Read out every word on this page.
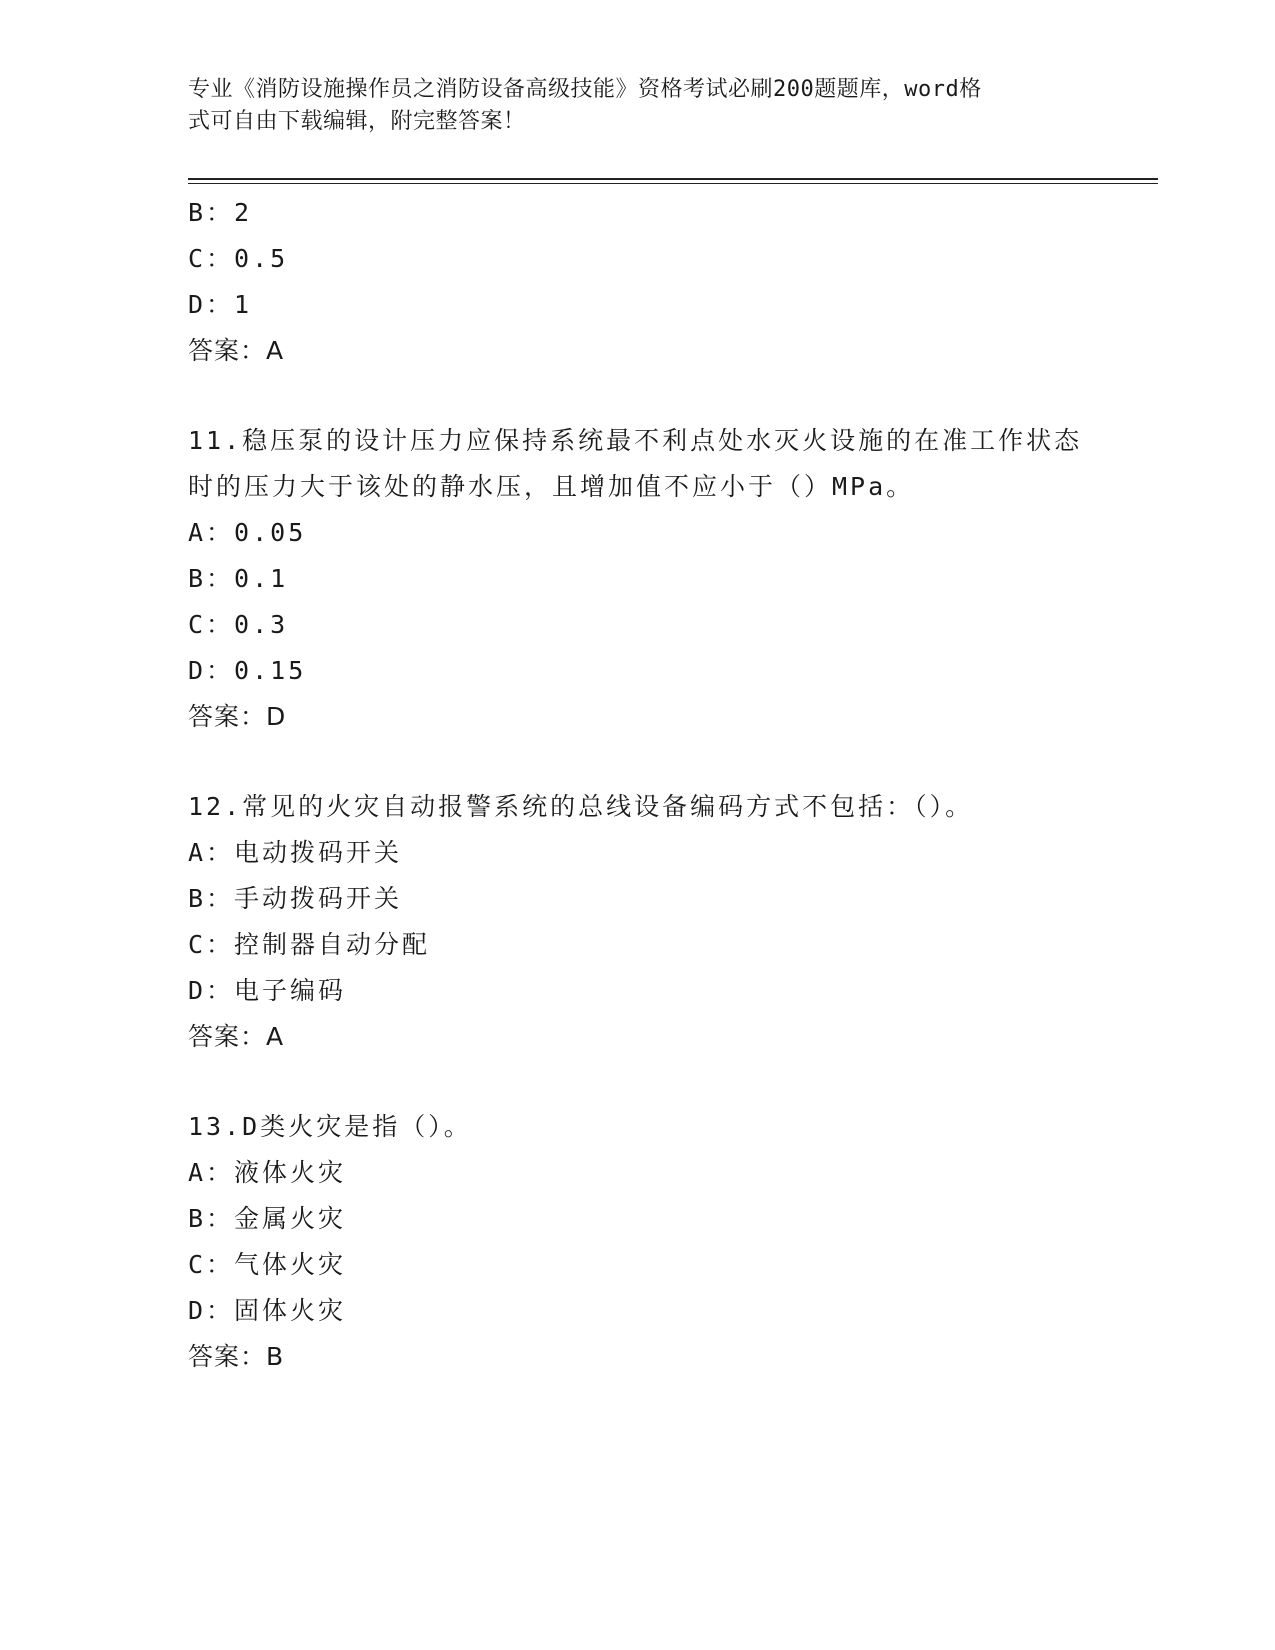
专业《消防设施操作员之消防设备高级技能》资格考试必刷200题题库，word格
式可自由下载编辑，附完整答案！
B：2
C：0.5
D：1
答案：A
11.稳压泵的设计压力应保持系统最不利点处水灭火设施的在准工作状态时的压力大于该处的静水压，且增加值不应小于（）MPa。
A：0.05
B：0.1
C：0.3
D：0.15
答案：D
12.常见的火灾自动报警系统的总线设备编码方式不包括：（）。
A：电动拨码开关
B：手动拨码开关
C：控制器自动分配
D：电子编码
答案：A
13.D类火灾是指（）。
A：液体火灾
B：金属火灾
C：气体火灾
D：固体火灾
答案：B
